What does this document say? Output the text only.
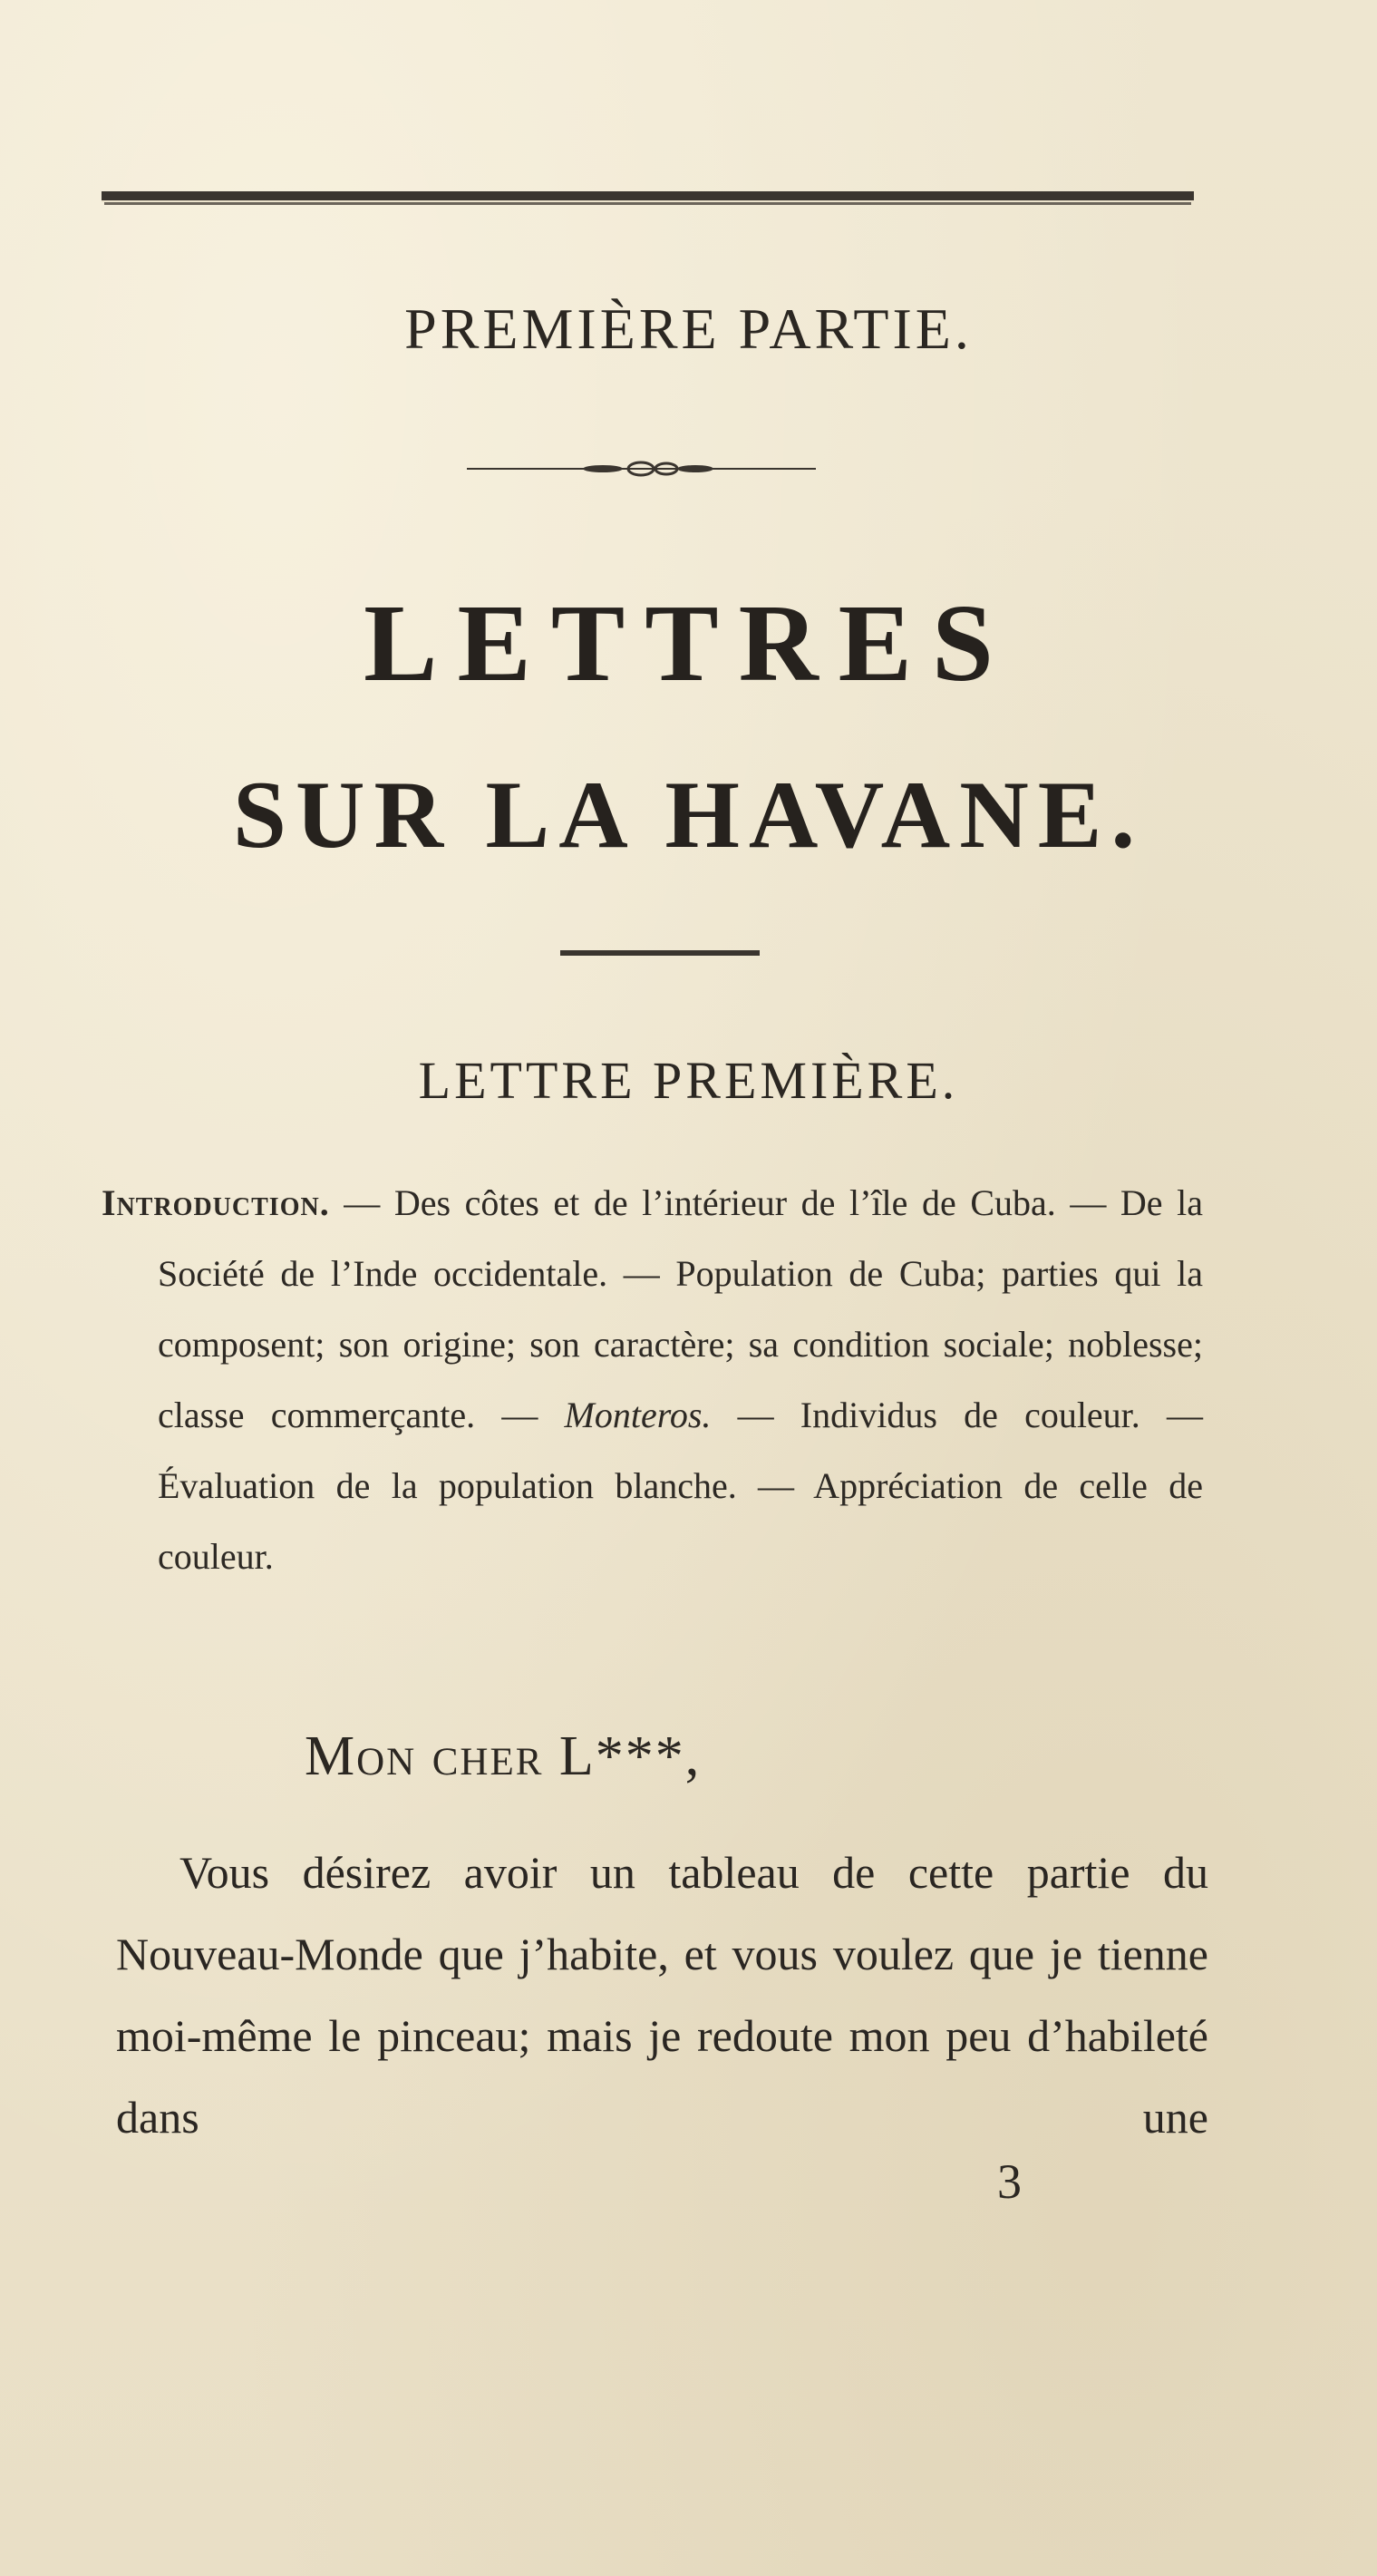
PREMIÈRE PARTIE.
LETTRES
SUR LA HAVANE.
LETTRE PREMIÈRE.

Introduction. — Des côtes et de l’intérieur de l’île de Cuba. — De la Société de l’Inde occidentale. — Population de Cuba; parties qui la composent; son origine; son caractère; sa condition sociale; noblesse; classe commerçante. — Monteros. — Individus de couleur. — Évaluation de la population blanche. — Appréciation de celle de couleur.

Mon cher L***,

Vous désirez avoir un tableau de cette partie du Nouveau-Monde que j’habite, et vous voulez que je tienne moi-même le pinceau; mais je redoute mon peu d’habileté dans une

3
